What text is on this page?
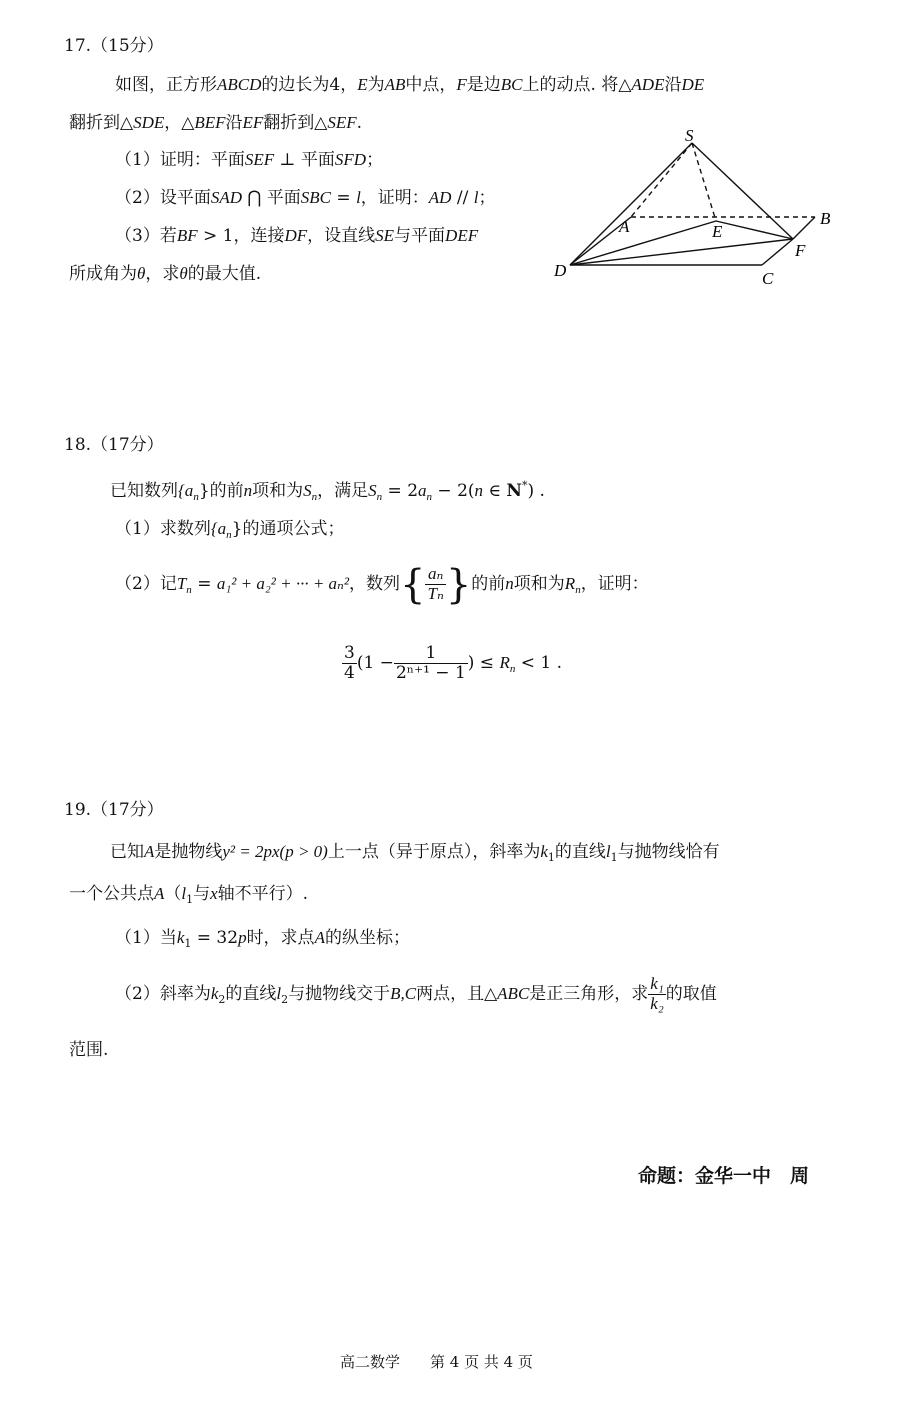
17.（15分）
如图，正方形ABCD的边长为4，E为AB中点，F是边BC上的动点. 将△ADE沿DE
翻折到△SDE，△BEF沿EF翻折到△SEF.
（1）证明：平面SEF ⊥ 平面SFD；
（2）设平面SAD ⋂ 平面SBC = l，证明：AD // l；
（3）若BF > 1，连接DF，设直线SE与平面DEF
所成角为θ，求θ的最大值.
S
A	E
B
F
D	C
18.（17分）
已知数列$\{a_n\}$的前n项和为$S_n$，满足$S_n = 2a_n - 2(n$ ∈ N*) .
（1）求数列$\{a_n\}$的通项公式；
（2）记$T_n = a_1^2 + a_2^2$ + ··· + aₙ²，数列{ $\frac{\text{aₙ}}{\text{Tₙ}}$ }的前n项和为$R_n$，证明：
$\frac{3}{4} (1 - \frac{1}{\text{2ⁿ⁺¹ − 1}}$ ) ≤ $R_n < 1$ .
19.（17分）
已知A是抛物线y² = 2px(p > 0)上一点（异于原点），斜率为$k_1$的直线$l_1$与抛物线恰有
一个公共点$A(l_1$与x轴不平行）.
（1）当$k_1 = 32p$时，求点A的纵坐标；
（2）斜率为$k_2$的直线$l_2$与抛物线交于B,C两点，且△ABC是正三角形，求 $\frac{\text{k₁}}{\text{k₂}}$ 的取值
范围.
命题：金华一中　周
高二数学　　第 4 页 共 4 页
